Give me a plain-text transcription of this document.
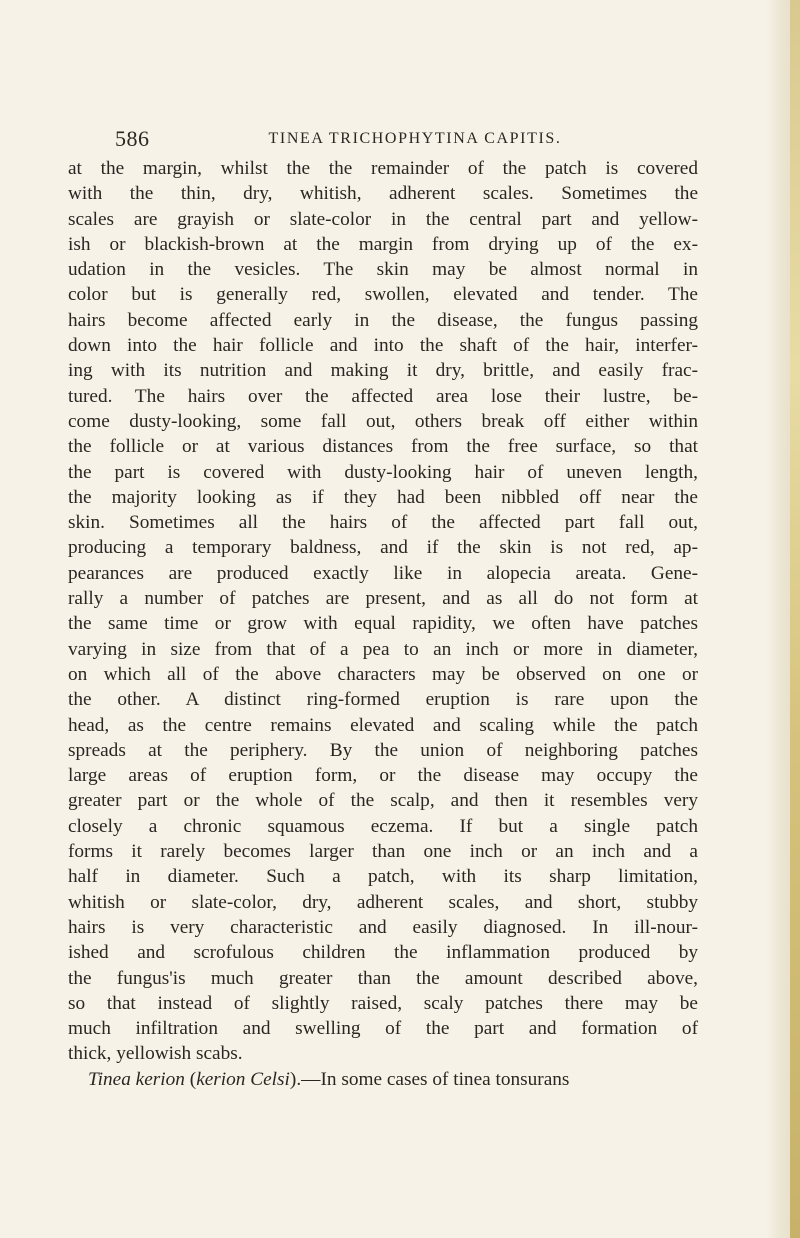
586	TINEA TRICHOPHYTINA CAPITIS.
at the margin, whilst the the remainder of the patch is covered
with the thin, dry, whitish, adherent scales. Sometimes the
scales are grayish or slate-color in the central part and yellow-
ish or blackish-brown at the margin from drying up of the ex-
udation in the vesicles. The skin may be almost normal in
color but is generally red, swollen, elevated and tender. The
hairs become affected early in the disease, the fungus passing
down into the hair follicle and into the shaft of the hair, interfer-
ing with its nutrition and making it dry, brittle, and easily frac-
tured. The hairs over the affected area lose their lustre, be-
come dusty-looking, some fall out, others break off either within
the follicle or at various distances from the free surface, so that
the part is covered with dusty-looking hair of uneven length,
the majority looking as if they had been nibbled off near the
skin. Sometimes all the hairs of the affected part fall out,
producing a temporary baldness, and if the skin is not red, ap-
pearances are produced exactly like in alopecia areata. Gene-
rally a number of patches are present, and as all do not form at
the same time or grow with equal rapidity, we often have patches
varying in size from that of a pea to an inch or more in diameter,
on which all of the above characters may be observed on one or
the other. A distinct ring-formed eruption is rare upon the
head, as the centre remains elevated and scaling while the patch
spreads at the periphery. By the union of neighboring patches
large areas of eruption form, or the disease may occupy the
greater part or the whole of the scalp, and then it resembles very
closely a chronic squamous eczema. If but a single patch
forms it rarely becomes larger than one inch or an inch and a
half in diameter. Such a patch, with its sharp limitation,
whitish or slate-color, dry, adherent scales, and short, stubby
hairs is very characteristic and easily diagnosed. In ill-nour-
ished and scrofulous children the inflammation produced by
the fungus'is much greater than the amount described above,
so that instead of slightly raised, scaly patches there may be
much infiltration and swelling of the part and formation of
thick, yellowish scabs.
Tinea kerion (kerion Celsi).—In some cases of tinea tonsurans
